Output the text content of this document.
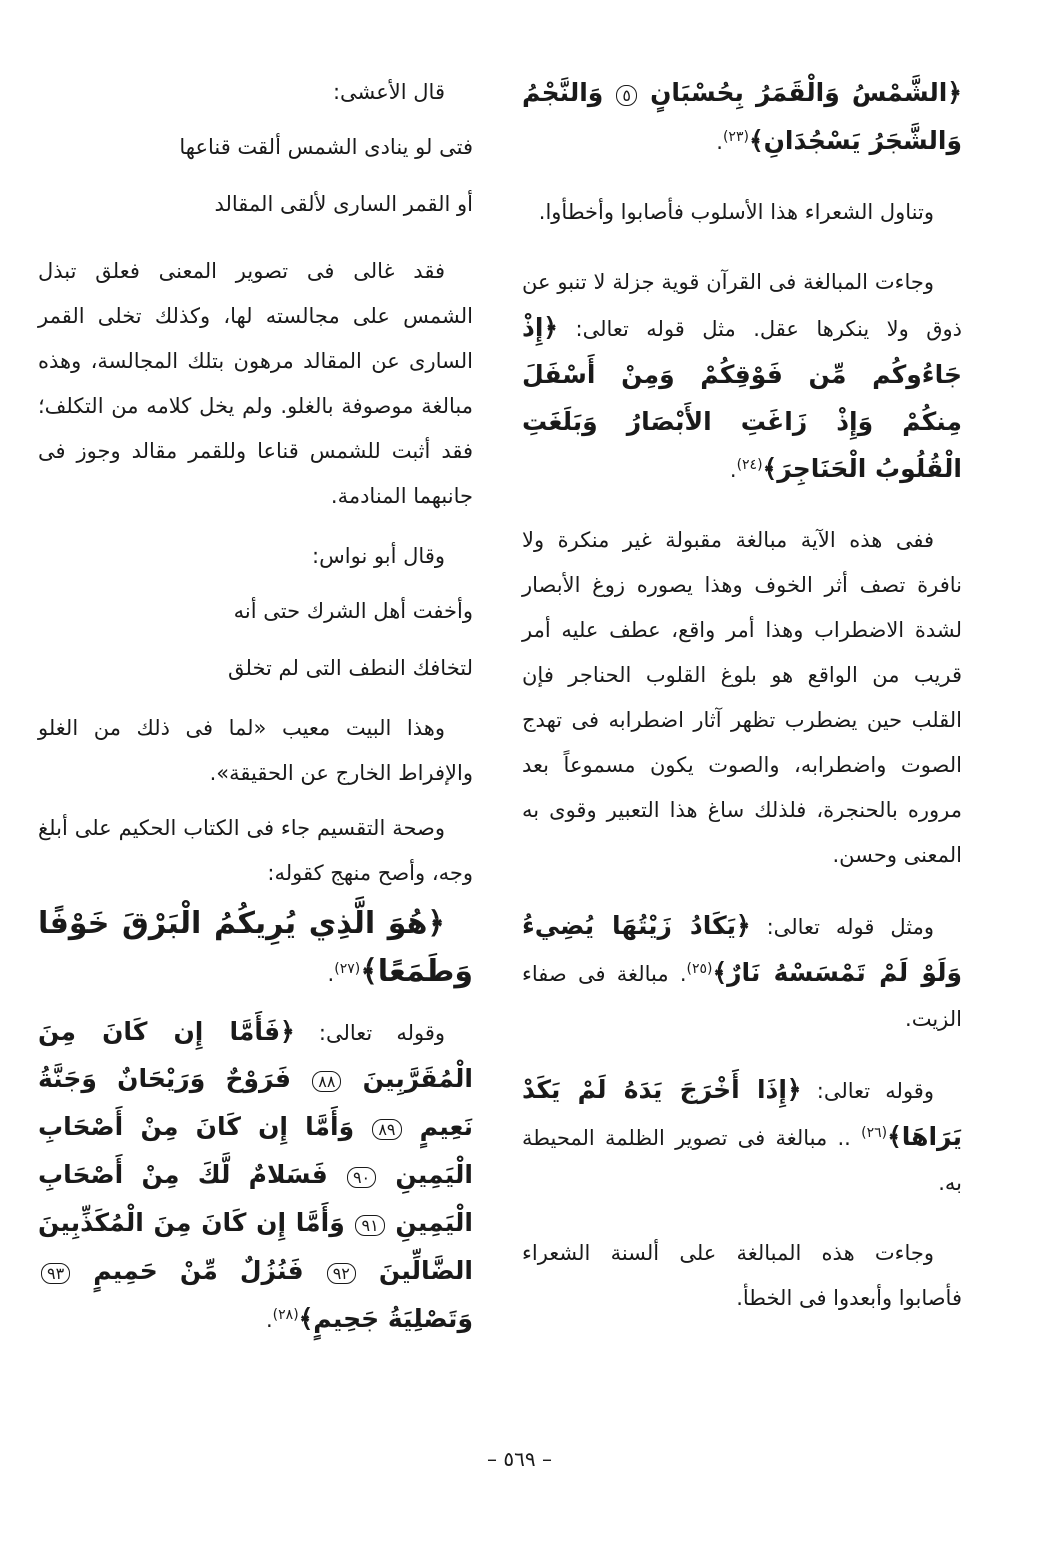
﴿الشَّمْسُ وَالْقَمَرُ بِحُسْبَانٍ ٥ وَالنَّجْمُ وَالشَّجَرُ يَسْجُدَانِ﴾$^{(٢٣)}$.

وتناول الشعراء هذا الأسلوب فأصابوا وأخطأوا.

وجاءت المبالغة فى القرآن قوية جزلة لا تنبو عن ذوق ولا ينكرها عقل. مثل قوله تعالى: ﴿إِذْ جَاءُوكُم مِّن فَوْقِكُمْ وَمِنْ أَسْفَلَ مِنكُمْ وَإِذْ زَاغَتِ الأَبْصَارُ وَبَلَغَتِ الْقُلُوبُ الْحَنَاجِرَ﴾$^{(٢٤)}$.

ففى هذه الآية مبالغة مقبولة غير منكرة ولا نافرة تصف أثر الخوف وهذا يصوره زوغ الأبصار لشدة الاضطراب وهذا أمر واقع، عطف عليه أمر قريب من الواقع هو بلوغ القلوب الحناجر فإن القلب حين يضطرب تظهر آثار اضطرابه فى تهدج الصوت واضطرابه، والصوت يكون مسموعاً بعد مروره بالحنجرة، فلذلك ساغ هذا التعبير وقوى به المعنى وحسن.

ومثل قوله تعالى: ﴿يَكَادُ زَيْتُهَا يُضِيءُ وَلَوْ لَمْ تَمْسَسْهُ نَارٌ﴾$^{(٢٥)}$. مبالغة فى صفاء الزيت.

وقوله تعالى: ﴿إِذَا أَخْرَجَ يَدَهُ لَمْ يَكَدْ يَرَاهَا﴾$^{(٢٦)}$ .. مبالغة فى تصوير الظلمة المحيطة به.

وجاءت هذه المبالغة على ألسنة الشعراء فأصابوا وأبعدوا فى الخطأ.

قال الأعشى:

فتى لو ينادى الشمس ألقت قناعها

أو القمر السارى لألقى المقالد

فقد غالى فى تصوير المعنى فعلق تبذل الشمس على مجالسته لها، وكذلك تخلى القمر السارى عن المقالد مرهون بتلك المجالسة، وهذه مبالغة موصوفة بالغلو. ولم يخل كلامه من التكلف؛ فقد أثبت للشمس قناعا وللقمر مقالد وجوز فى جانبهما المنادمة.

وقال أبو نواس:

وأخفت أهل الشرك حتى أنه

لتخافك النطف التى لم تخلق

وهذا البيت معيب «لما فى ذلك من الغلو والإفراط الخارج عن الحقيقة».

وصحة التقسيم جاء فى الكتاب الحكيم على أبلغ وجه، وأصح منهج كقوله:

﴿هُوَ الَّذِي يُرِيكُمُ الْبَرْقَ خَوْفًا وَطَمَعًا﴾$^{(٢٧)}$.

وقوله تعالى: ﴿فَأَمَّا إِن كَانَ مِنَ الْمُقَرَّبِينَ ٨٨ فَرَوْحٌ وَرَيْحَانٌ وَجَنَّةُ نَعِيمٍ ٨٩ وَأَمَّا إِن كَانَ مِنْ أَصْحَابِ الْيَمِينِ ٩٠ فَسَلامٌ لَّكَ مِنْ أَصْحَابِ الْيَمِينِ ٩١ وَأَمَّا إِن كَانَ مِنَ الْمُكَذِّبِينَ الضَّالِّينَ ٩٢ فَنُزُلٌ مِّنْ حَمِيمٍ ٩٣ وَتَصْلِيَةُ جَحِيمٍ﴾$^{(٢٨)}$.

– ٥٦٩ –
